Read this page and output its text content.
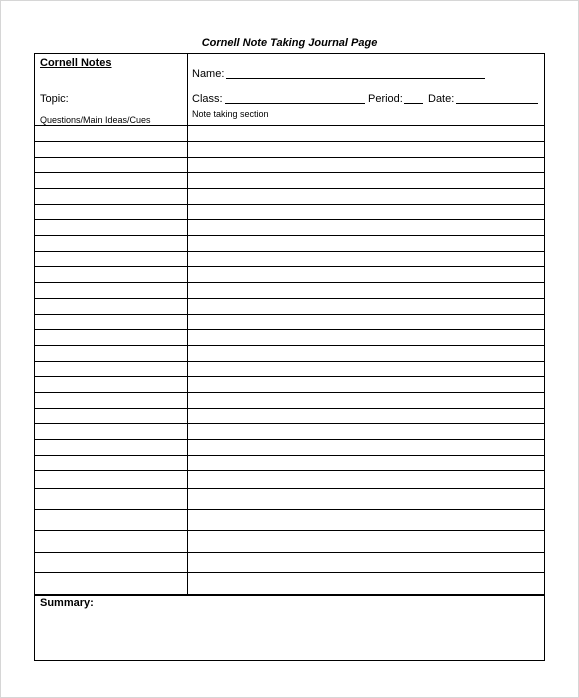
Cornell Note Taking Journal Page
Cornell Notes
Topic:
Questions/Main Ideas/Cues
Name:
Class:	Period: Date:
Note taking section
Summary:
